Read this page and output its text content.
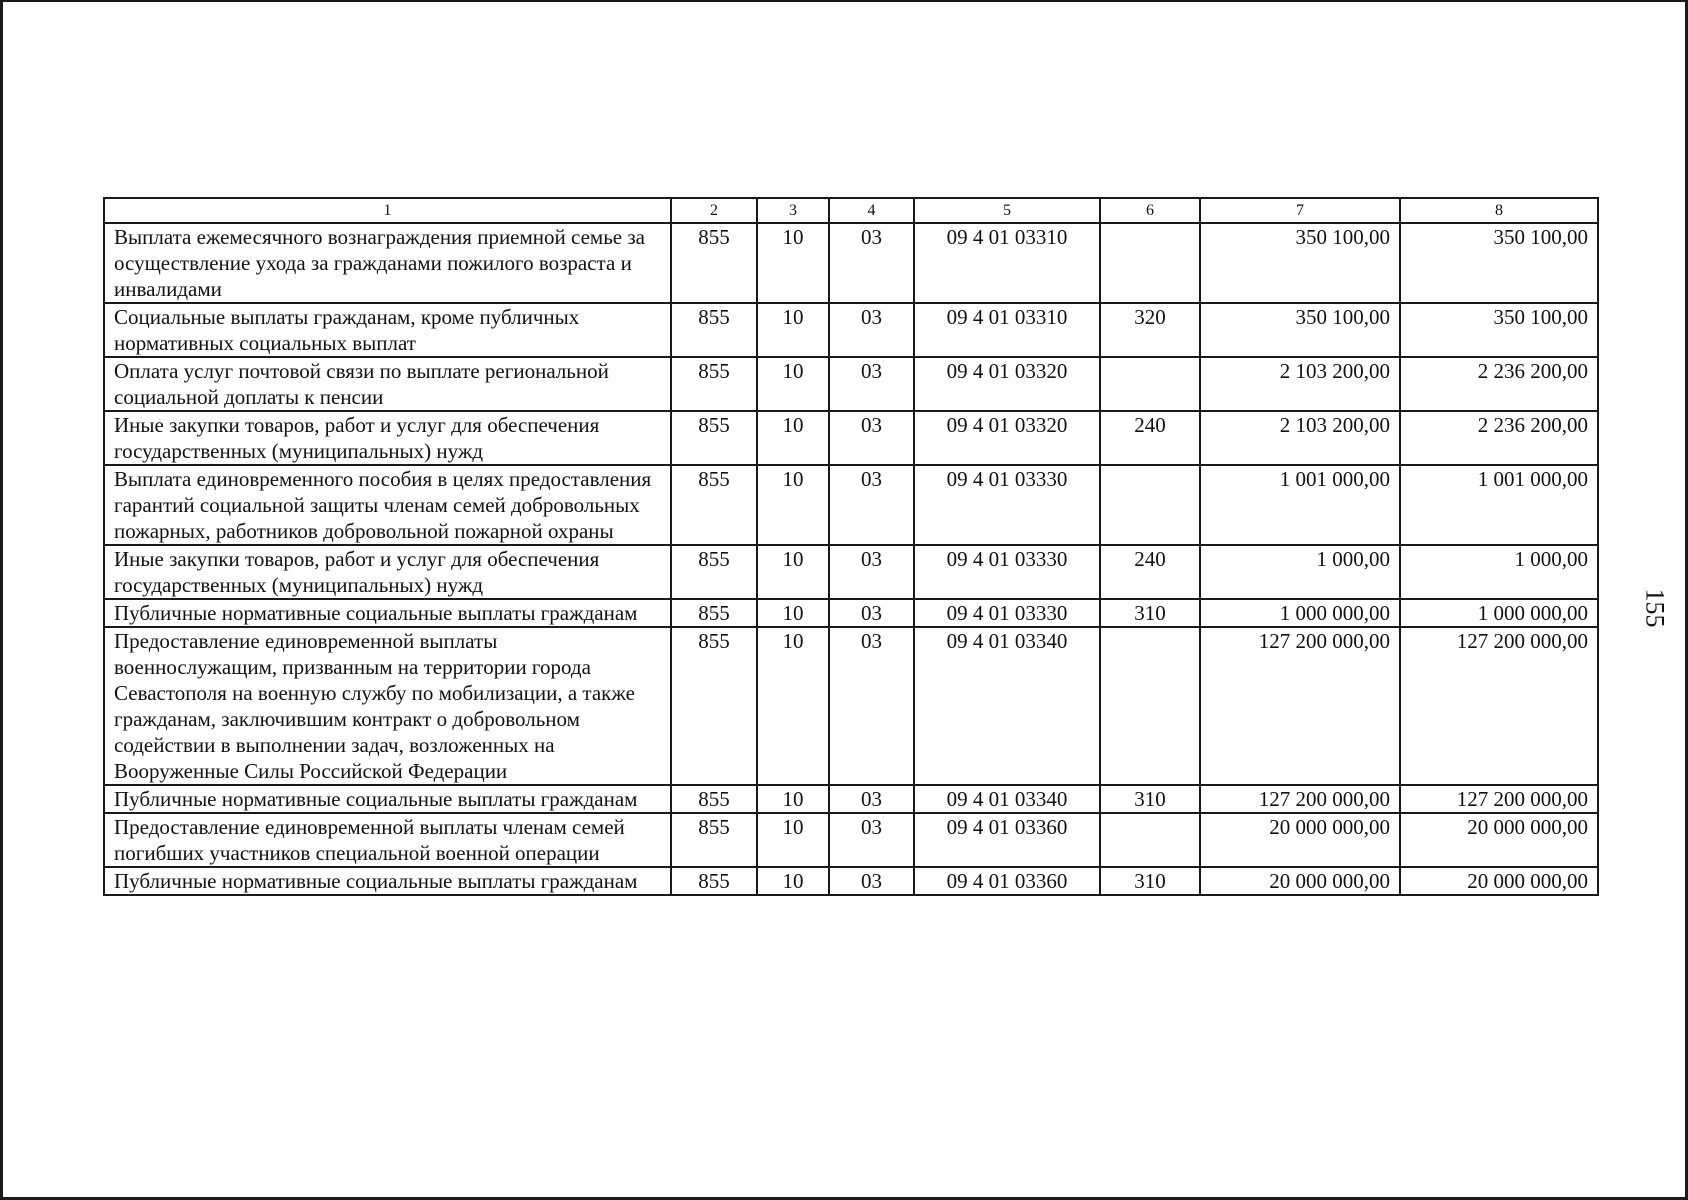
155
1	2	3	4	5	6	7	8
Выплата ежемесячного вознаграждения приемной семье за осуществление ухода за гражданами пожилого возраста и инвалидами	855	10	03	09 4 01 03310		350 100,00	350 100,00
Социальные выплаты гражданам, кроме публичных нормативных социальных выплат	855	10	03	09 4 01 03310	320	350 100,00	350 100,00
Оплата услуг почтовой связи по выплате региональной социальной доплаты к пенсии	855	10	03	09 4 01 03320		2 103 200,00	2 236 200,00
Иные закупки товаров, работ и услуг для обеспечения государственных (муниципальных) нужд	855	10	03	09 4 01 03320	240	2 103 200,00	2 236 200,00
Выплата единовременного пособия в целях предоставления гарантий социальной защиты членам семей добровольных пожарных, работников добровольной пожарной охраны	855	10	03	09 4 01 03330		1 001 000,00	1 001 000,00
Иные закупки товаров, работ и услуг для обеспечения государственных (муниципальных) нужд	855	10	03	09 4 01 03330	240	1 000,00	1 000,00
Публичные нормативные социальные выплаты гражданам	855	10	03	09 4 01 03330	310	1 000 000,00	1 000 000,00
Предоставление единовременной выплаты военнослужащим, призванным на территории города Севастополя на военную службу по мобилизации, а также гражданам, заключившим контракт о добровольном содействии в выполнении задач, возложенных на Вооруженные Силы Российской Федерации	855	10	03	09 4 01 03340		127 200 000,00	127 200 000,00
Публичные нормативные социальные выплаты гражданам	855	10	03	09 4 01 03340	310	127 200 000,00	127 200 000,00
Предоставление единовременной выплаты членам семей погибших участников специальной военной операции	855	10	03	09 4 01 03360		20 000 000,00	20 000 000,00
Публичные нормативные социальные выплаты гражданам	855	10	03	09 4 01 03360	310	20 000 000,00	20 000 000,00
